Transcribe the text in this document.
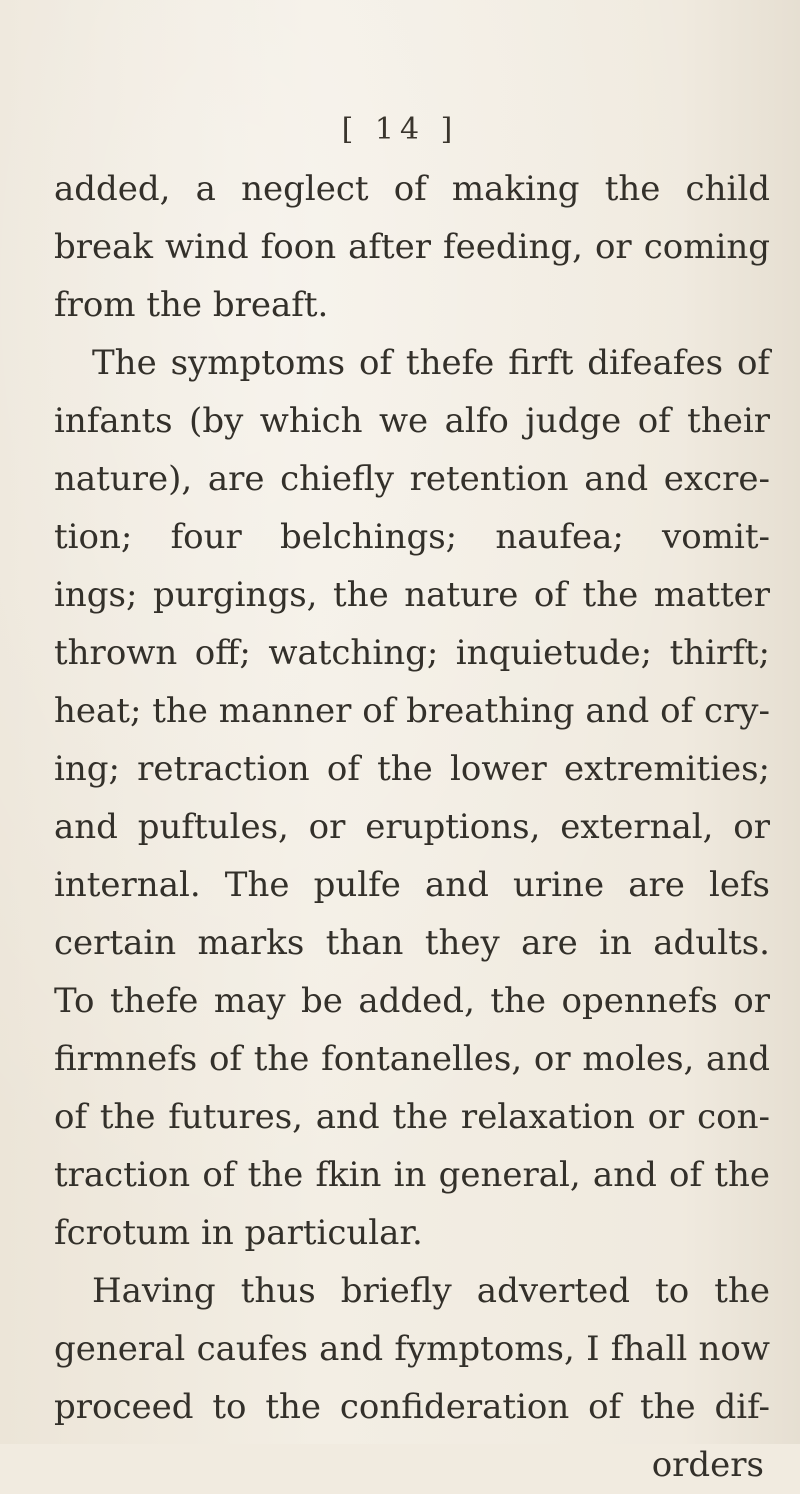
[ 14 ]
added, a neglect of making the child
break wind foon after feeding, or coming
from the breaft.
The symptoms of thefe firft difeafes of
infants (by which we alfo judge of their
nature), are chiefly retention and excre-
tion; four belchings; naufea; vomit-
ings; purgings, the nature of the matter
thrown off; watching; inquietude; thirft;
heat; the manner of breathing and of cry-
ing; retraction of the lower extremities;
and puftules, or eruptions, external, or
internal. The pulfe and urine are lefs
certain marks than they are in adults.
To thefe may be added, the opennefs or
firmnefs of the fontanelles, or moles, and
of the futures, and the relaxation or con-
traction of the fkin in general, and of the
fcrotum in particular.
Having thus briefly adverted to the
general caufes and fymptoms, I fhall now
proceed to the confideration of the dif-
orders
